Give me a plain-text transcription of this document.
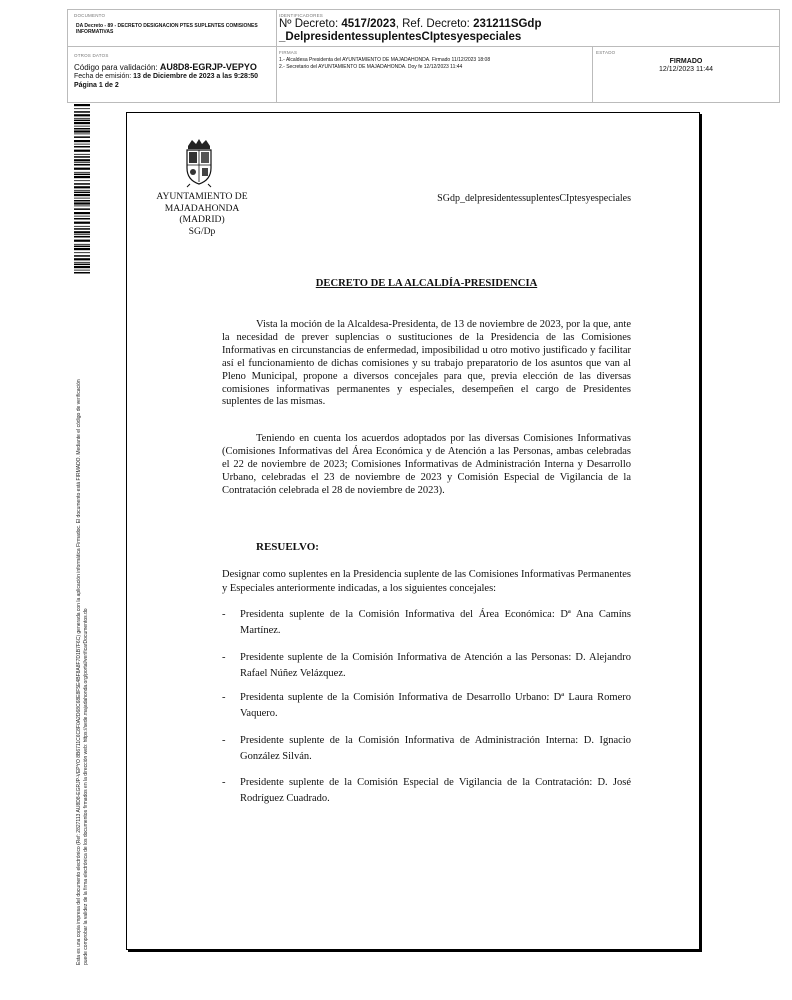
DOCUMENTO
DA Decreto - 89 - DECRETO DESIGNACION PTES SUPLENTES COMISIONES INFORMATIVAS
IDENTIFICADORES
Nº Decreto: 4517/2023, Ref. Decreto: 231211SGdp _DelpresidentessuplentesCIptesyespeciales
OTROS DATOS
Código para validación: AU8D8-EGRJP-VEPYO
Fecha de emisión: 13 de Diciembre de 2023 a las 9:28:50
Página 1 de 2
FIRMAS
1.- Alcaldesa Presidenta del AYUNTAMIENTO DE MAJADAHONDA. Firmado 11/12/2023 18:08
2.- Secretario del AYUNTAMIENTO DE MAJADAHONDA. Doy fe 12/12/2023 11:44
ESTADO
FIRMADO
12/12/2023 11:44
Esta es una copia impresa del documento electrónico (Ref: 2827113 AU8D8-EGRJP-VEPYO 8B6711C6C8F0A2D68C68E8F5E4BF8A8F7D1B7F6C) generada con la aplicación informática Firmadoc. El documento está FIRMADO. Mediante el código de verificación puede comprobar la validez de la firma electrónica de los documentos firmados en la dirección web: https://sede.majadahonda.org/portal/verificarDocumentos.do
AYUNTAMIENTO DE
MAJADAHONDA
(MADRID)
SG/Dp
SGdp_delpresidentessuplentesCIptesyespeciales
DECRETO DE LA ALCALDÍA-PRESIDENCIA
Vista la moción de la Alcaldesa-Presidenta, de 13 de noviembre de 2023, por la que, ante la necesidad de prever suplencias o sustituciones de la Presidencia de las Comisiones Informativas en circunstancias de enfermedad, imposibilidad u otro motivo justificado y facilitar así el funcionamiento de dichas comisiones y su trabajo preparatorio de los asuntos que van al Pleno Municipal, propone a diversos concejales para que, previa elección de las diversas comisiones informativas permanentes y especiales, desempeñen el cargo de Presidentes suplentes de las mismas.
Teniendo en cuenta los acuerdos adoptados por las diversas Comisiones Informativas (Comisiones Informativas del Área Económica y de Atención a las Personas, ambas celebradas el 22 de noviembre de 2023; Comisiones Informativas de Administración Interna y Desarrollo Urbano, celebradas el 23 de noviembre de 2023 y Comisión Especial de Vigilancia de la Contratación celebrada el 28 de noviembre de 2023).
RESUELVO:
Designar como suplentes en la Presidencia suplente de las Comisiones Informativas Permanentes y Especiales anteriormente indicadas, a los siguientes concejales:
- Presidenta suplente de la Comisión Informativa del Área Económica: Dª Ana Camíns Martínez.
- Presidente suplente de la Comisión Informativa de Atención a las Personas: D. Alejandro Rafael Núñez Velázquez.
- Presidenta suplente de la Comisión Informativa de Desarrollo Urbano: Dª Laura Romero Vaquero.
- Presidente suplente de la Comisión Informativa de Administración Interna: D. Ignacio González Silván.
- Presidente suplente de la Comisión Especial de Vigilancia de la Contratación: D. José Rodríguez Cuadrado.
